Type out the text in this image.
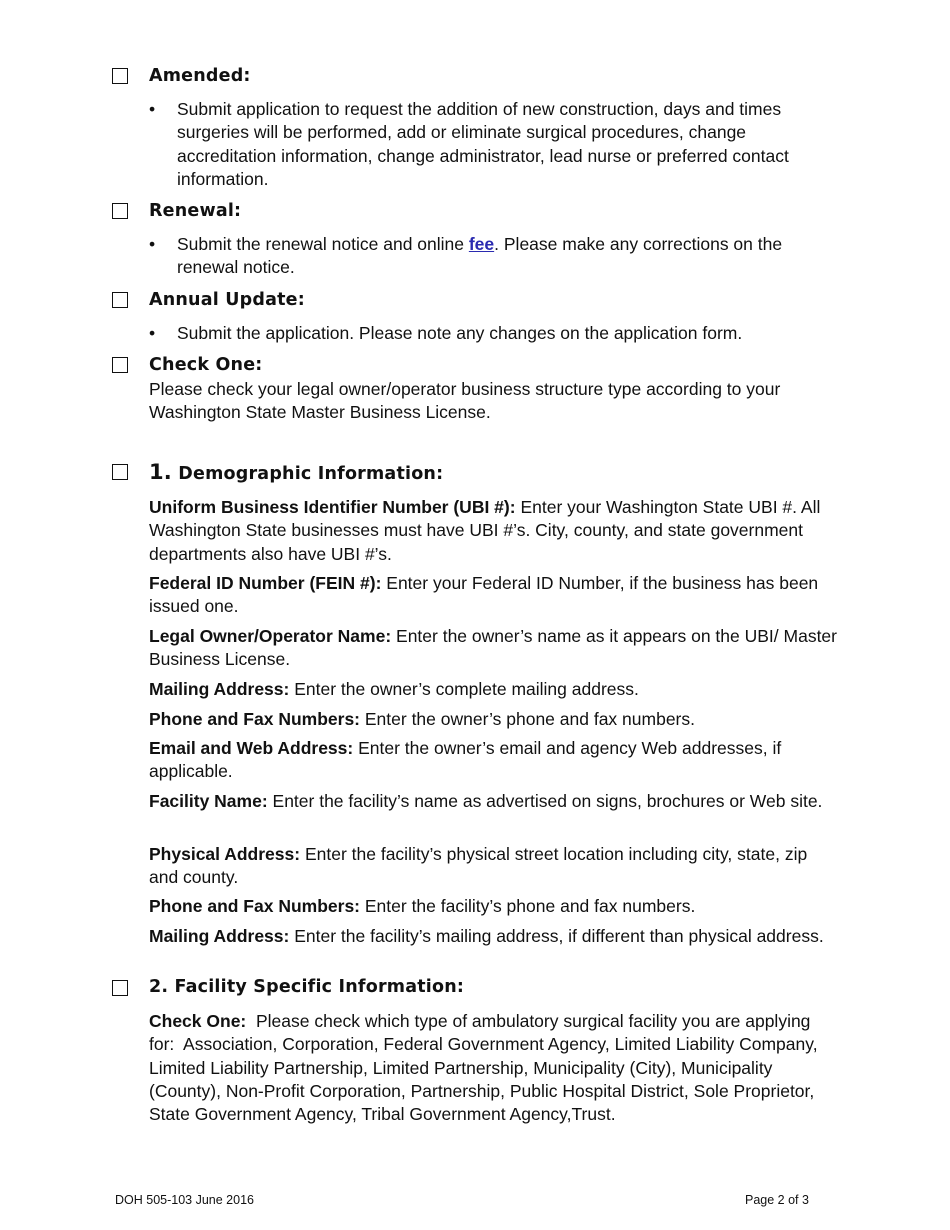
Amended:
• Submit application to request the addition of new construction, days and times surgeries will be performed, add or eliminate surgical procedures, change accreditation information, change administrator, lead nurse or preferred contact information.
Renewal:
• Submit the renewal notice and online fee. Please make any corrections on the renewal notice.
Annual Update:
• Submit the application. Please note any changes on the application form.
Check One:
Please check your legal owner/operator business structure type according to your Washington State Master Business License.
1. Demographic Information:
Uniform Business Identifier Number (UBI #): Enter your Washington State UBI #. All Washington State businesses must have UBI #’s. City, county, and state government departments also have UBI #’s.
Federal ID Number (FEIN #): Enter your Federal ID Number, if the business has been issued one.
Legal Owner/Operator Name: Enter the owner’s name as it appears on the UBI/ Master Business License.
Mailing Address: Enter the owner’s complete mailing address.
Phone and Fax Numbers: Enter the owner’s phone and fax numbers.
Email and Web Address: Enter the owner’s email and agency Web addresses, if applicable.
Facility Name: Enter the facility’s name as advertised on signs, brochures or Web site.
Physical Address: Enter the facility’s physical street location including city, state, zip and county.
Phone and Fax Numbers: Enter the facility’s phone and fax numbers.
Mailing Address: Enter the facility’s mailing address, if different than physical address.
2. Facility Specific Information:
Check One:  Please check which type of ambulatory surgical facility you are applying for:  Association, Corporation, Federal Government Agency, Limited Liability Company, Limited Liability Partnership, Limited Partnership, Municipality (City), Municipality (County), Non-Profit Corporation, Partnership, Public Hospital District, Sole Proprietor, State Government Agency, Tribal Government Agency,Trust.
DOH 505-103 June 2016	Page 2 of 3
